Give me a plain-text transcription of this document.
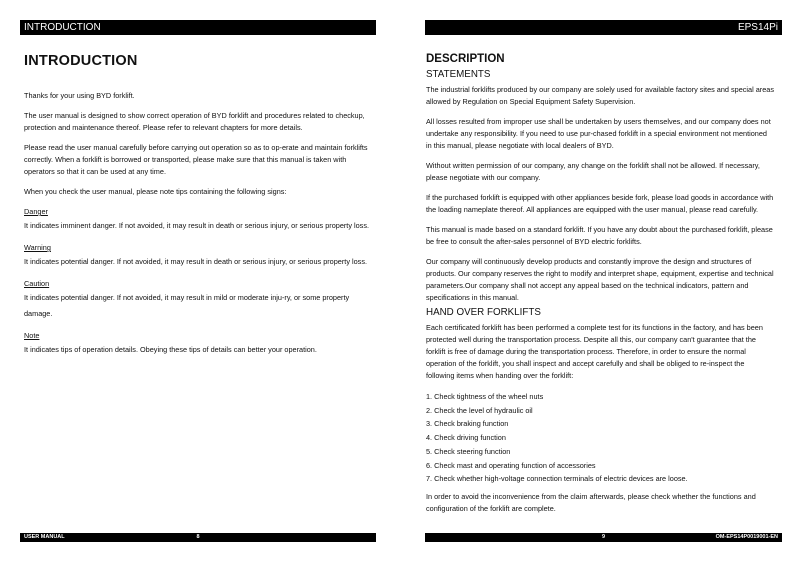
INTRODUCTION
INTRODUCTION

Thanks for your using BYD forklift.

The user manual is designed to show correct operation of BYD forklift and procedures related to checkup, protection and maintenance thereof. Please refer to relevant chapters for more details.

Please read the user manual carefully before carrying out operation so as to op-erate and maintain forklifts correctly. When a forklift is borrowed or transported, please make sure that this manual is taken with operators so that it can be used at any time.

When you check the user manual, please note tips containing the following signs:

Danger

It indicates imminent danger. If not avoided, it may result in death or serious injury, or serious property loss.

Warning

It indicates potential danger. If not avoided, it may result in death or serious injury, or serious property loss.

Caution

It indicates potential danger. If not avoided, it may result in mild or moderate inju-ry, or some property damage.

Note

It indicates tips of operation details. Obeying these tips of details can better your operation.

USER MANUAL	8
EPS14Pi
DESCRIPTION
STATEMENTS

The industrial forklifts produced by our company are solely used for available factory sites and special areas allowed by Regulation on Special Equipment Safety Supervision.

All losses resulted from improper use shall be undertaken by users themselves, and our company does not undertake any responsibility. If you need to use pur-chased forklift in a special environment not mentioned in this manual, please negotiate with local dealers of BYD.

Without written permission of our company, any change on the forklift shall not be allowed. If necessary, please negotiate with our company.

If the purchased forklift is equipped with other appliances beside fork, please load goods in accordance with the loading nameplate thereof. All appliances are equipped with the user manual, please read carefully.

This manual is made based on a standard forklift. If you have any doubt about the purchased forklift, please be free to consult the after-sales personnel of BYD electric forklifts.

Our company will continuously develop products and constantly improve the design and structures of products. Our company reserves the right to modify and interpret shape, equipment, expertise and technical parameters.Our company shall not accept any appeal based on the technical indicators, pattern and specifications in this manual.

HAND OVER FORKLIFTS

Each certificated forklift has been performed a complete test for its functions in the factory, and has been protected well during the transportation process. Despite all this, our company can't guarantee that the forklift is free of damage during the transportation process. Therefore, in order to ensure the normal operation of the forklift, you shall inspect and accept carefully and shall be obliged to re-inspect the following items when handing over the forklift:

1. Check tightness of the wheel nuts
2. Check the level of hydraulic oil
3. Check braking function
4. Check driving function
5. Check steering function
6. Check mast and operating function of accessories
7. Check whether high-voltage connection terminals of electric devices are loose.

In order to avoid the inconvenience from the claim afterwards, please check whether the functions and configuration of the forklift are complete.

9	OM-EPS14P0019001-EN
